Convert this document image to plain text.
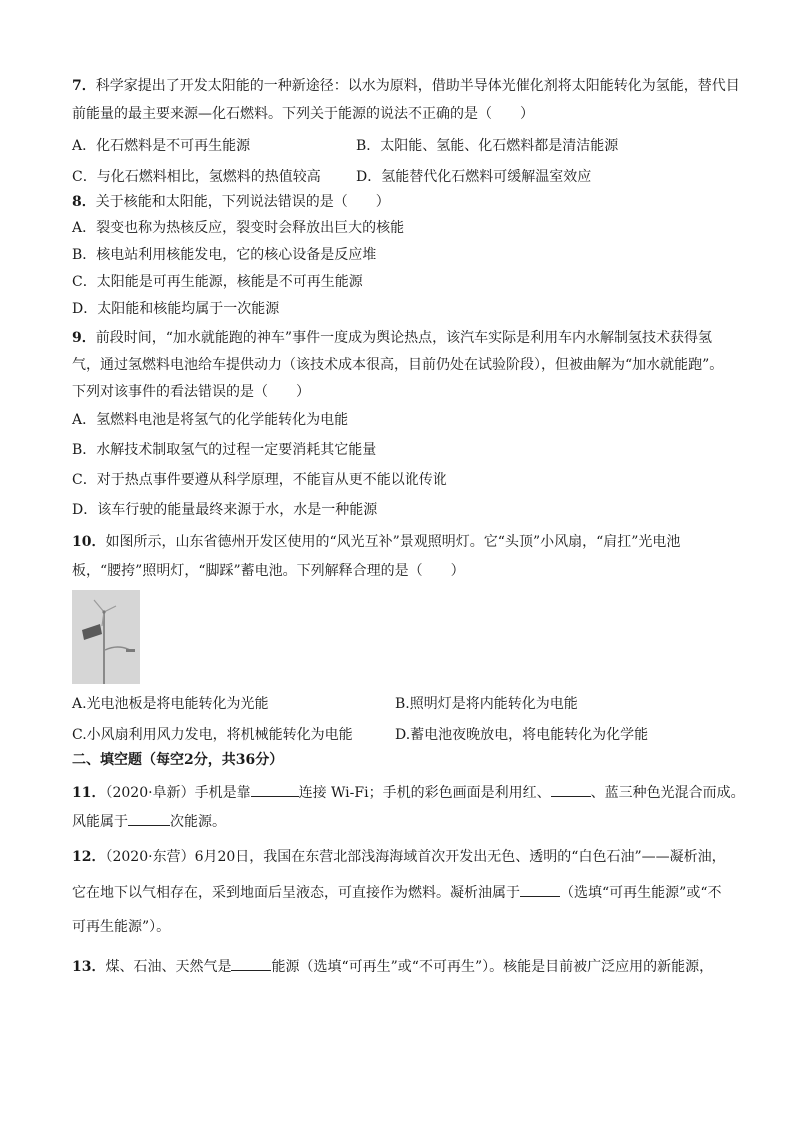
7．科学家提出了开发太阳能的一种新途径：以水为原料，借助半导体光催化剂将太阳能转化为氢能，替代目
前能量的最主要来源—化石燃料。下列关于能源的说法不正确的是（　　）
A．化石燃料是不可再生能源	B．太阳能、氢能、化石燃料都是清洁能源
C．与化石燃料相比，氢燃料的热值较高	D．氢能替代化石燃料可缓解温室效应
8．关于核能和太阳能，下列说法错误的是（　　）
A．裂变也称为热核反应，裂变时会释放出巨大的核能
B．核电站利用核能发电，它的核心设备是反应堆
C．太阳能是可再生能源，核能是不可再生能源
D．太阳能和核能均属于一次能源
9．前段时间，“加水就能跑的神车”事件一度成为舆论热点，该汽车实际是利用车内水解制氢技术获得氢
气，通过氢燃料电池给车提供动力（该技术成本很高，目前仍处在试验阶段），但被曲解为“加水就能跑”。
下列对该事件的看法错误的是（　　）
A．氢燃料电池是将氢气的化学能转化为电能
B．水解技术制取氢气的过程一定要消耗其它能量
C．对于热点事件要遵从科学原理，不能盲从更不能以讹传讹
D．该车行驶的能量最终来源于水，水是一种能源
10．如图所示，山东省德州开发区使用的“风光互补”景观照明灯。它“头顶”小风扇，“肩扛”光电池
板，“腰挎”照明灯，“脚踩”蓄电池。下列解释合理的是（　　）
A.光电池板是将电能转化为光能	B.照明灯是将内能转化为电能
C.小风扇利用风力发电，将机械能转化为电能	D.蓄电池夜晚放电，将电能转化为化学能
二、填空题（每空2分，共36分）
11．（2020·阜新）手机是靠	连接 Wi-Fi；手机的彩色画面是利用红、	、蓝三种色光混合而成。
风能属于	次能源。
12．（2020·东营）6月20日，我国在东营北部浅海海域首次开发出无色、透明的“白色石油”——凝析油，
它在地下以气相存在，采到地面后呈液态，可直接作为燃料。凝析油属于	（选填“可再生能源”或“不
可再生能源”）。
13．煤、石油、天然气是	能源（选填“可再生”或“不可再生”）。核能是目前被广泛应用的新能源，
